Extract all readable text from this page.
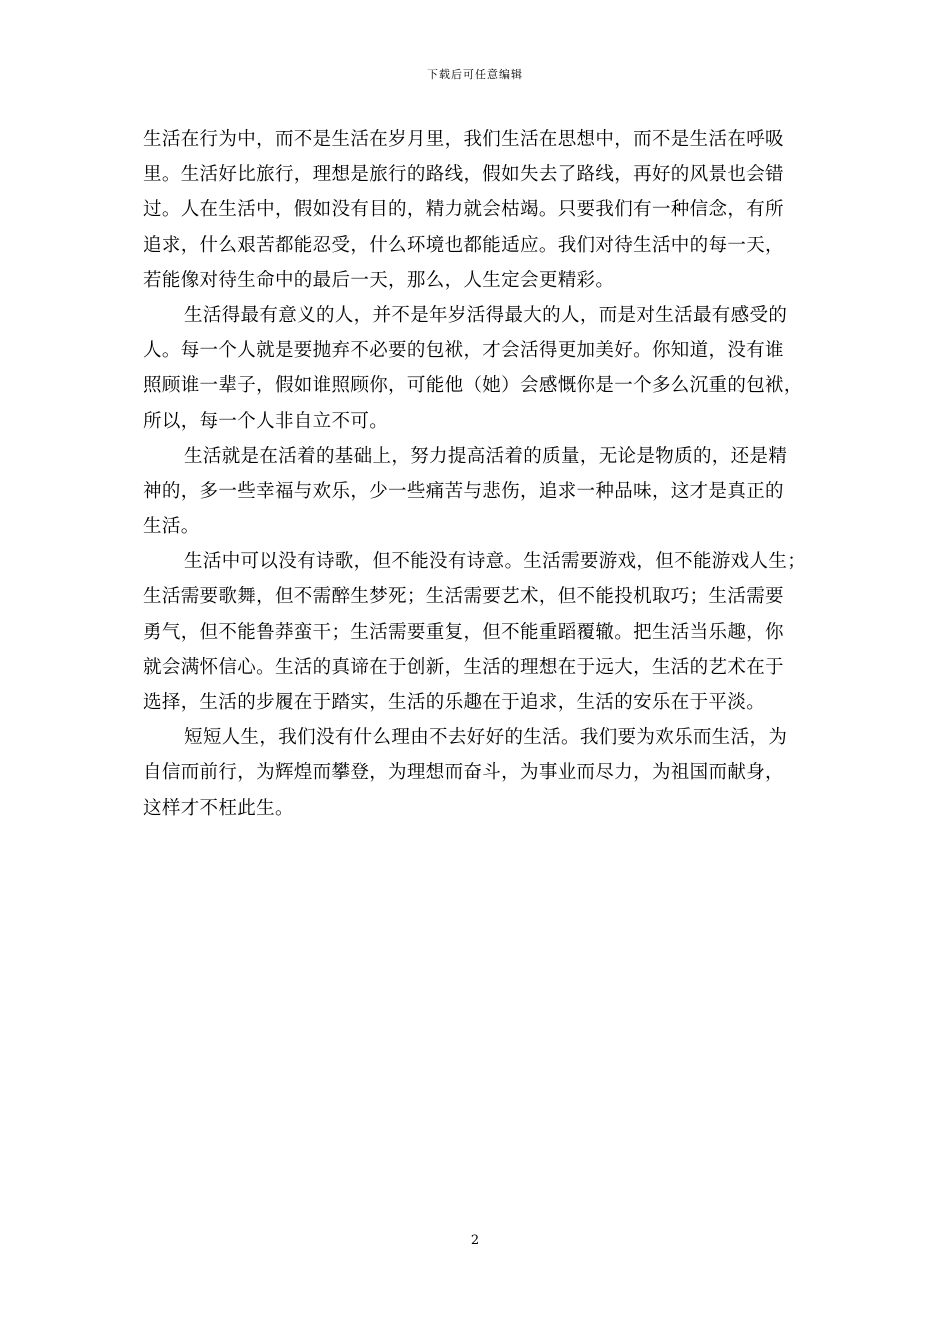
下载后可任意编辑
生活在行为中，而不是生活在岁月里，我们生活在思想中，而不是生活在呼吸
里。生活好比旅行，理想是旅行的路线，假如失去了路线，再好的风景也会错
过。人在生活中，假如没有目的，精力就会枯竭。只要我们有一种信念，有所
追求，什么艰苦都能忍受，什么环境也都能适应。我们对待生活中的每一天，
若能像对待生命中的最后一天，那么，人生定会更精彩。
生活得最有意义的人，并不是年岁活得最大的人，而是对生活最有感受的
人。每一个人就是要抛弃不必要的包袱，才会活得更加美好。你知道，没有谁
照顾谁一辈子，假如谁照顾你，可能他（她）会感慨你是一个多么沉重的包袱，
所以，每一个人非自立不可。
生活就是在活着的基础上，努力提高活着的质量，无论是物质的，还是精
神的，多一些幸福与欢乐，少一些痛苦与悲伤，追求一种品味，这才是真正的
生活。
生活中可以没有诗歌，但不能没有诗意。生活需要游戏，但不能游戏人生；
生活需要歌舞，但不需醉生梦死；生活需要艺术，但不能投机取巧；生活需要
勇气，但不能鲁莽蛮干；生活需要重复，但不能重蹈覆辙。把生活当乐趣，你
就会满怀信心。生活的真谛在于创新，生活的理想在于远大，生活的艺术在于
选择，生活的步履在于踏实，生活的乐趣在于追求，生活的安乐在于平淡。
短短人生，我们没有什么理由不去好好的生活。我们要为欢乐而生活，为
自信而前行，为辉煌而攀登，为理想而奋斗，为事业而尽力，为祖国而献身，
这样才不枉此生。
2
